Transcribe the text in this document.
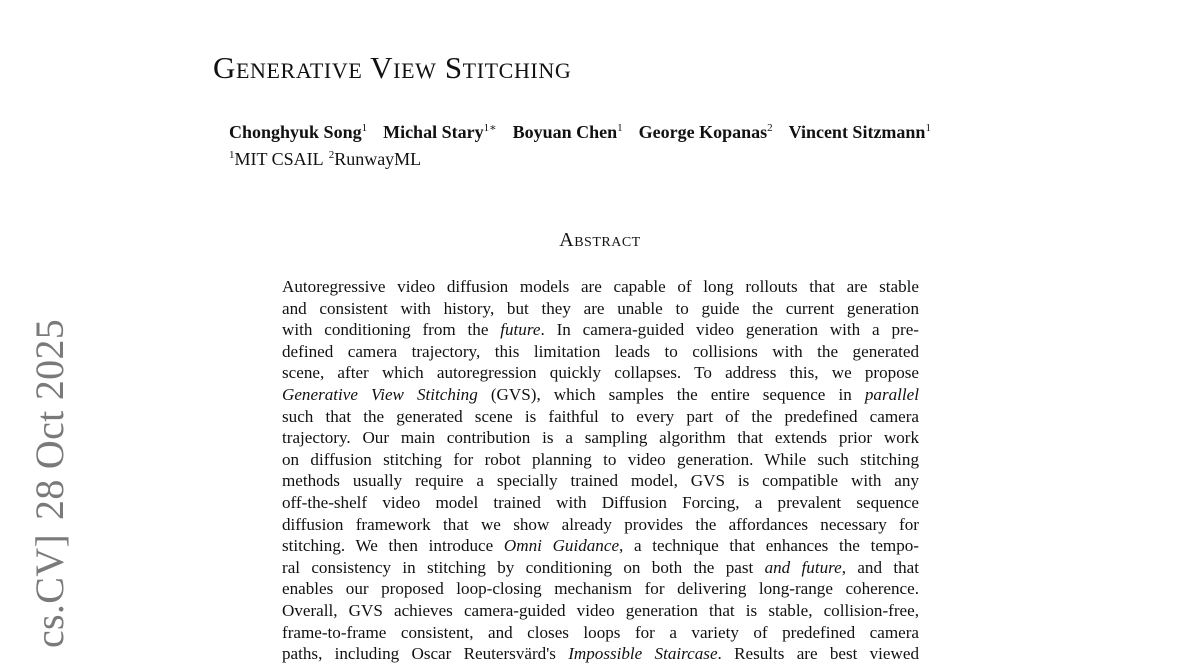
cs.CV]28 Oct 2025
Generative View Stitching
Chonghyuk Song$^1$ Michal Stary$^{1∗}$ Boyuan Chen$^1$ George Kopanas$^2$ Vincent Sitzmann$^1$
$^1$MIT CSAIL $^2$RunwayML
Abstract
Autoregressive video diffusion models are capable of long rollouts that are stable
and consistent with history, but they are unable to guide the current generation
with conditioning from the future. In camera-guided video generation with a pre-
defined camera trajectory, this limitation leads to collisions with the generated
scene, after which autoregression quickly collapses. To address this, we propose
Generative View Stitching (GVS), which samples the entire sequence in parallel
such that the generated scene is faithful to every part of the predefined camera
trajectory. Our main contribution is a sampling algorithm that extends prior work
on diffusion stitching for robot planning to video generation. While such stitching
methods usually require a specially trained model, GVS is compatible with any
off-the-shelf video model trained with Diffusion Forcing, a prevalent sequence
diffusion framework that we show already provides the affordances necessary for
stitching. We then introduce Omni Guidance, a technique that enhances the tempo-
ral consistency in stitching by conditioning on both the past and future, and that
enables our proposed loop-closing mechanism for delivering long-range coherence.
Overall, GVS achieves camera-guided video generation that is stable, collision-free,
frame-to-frame consistent, and closes loops for a variety of predefined camera
paths, including Oscar Reutersvärd's Impossible Staircase. Results are best viewed
